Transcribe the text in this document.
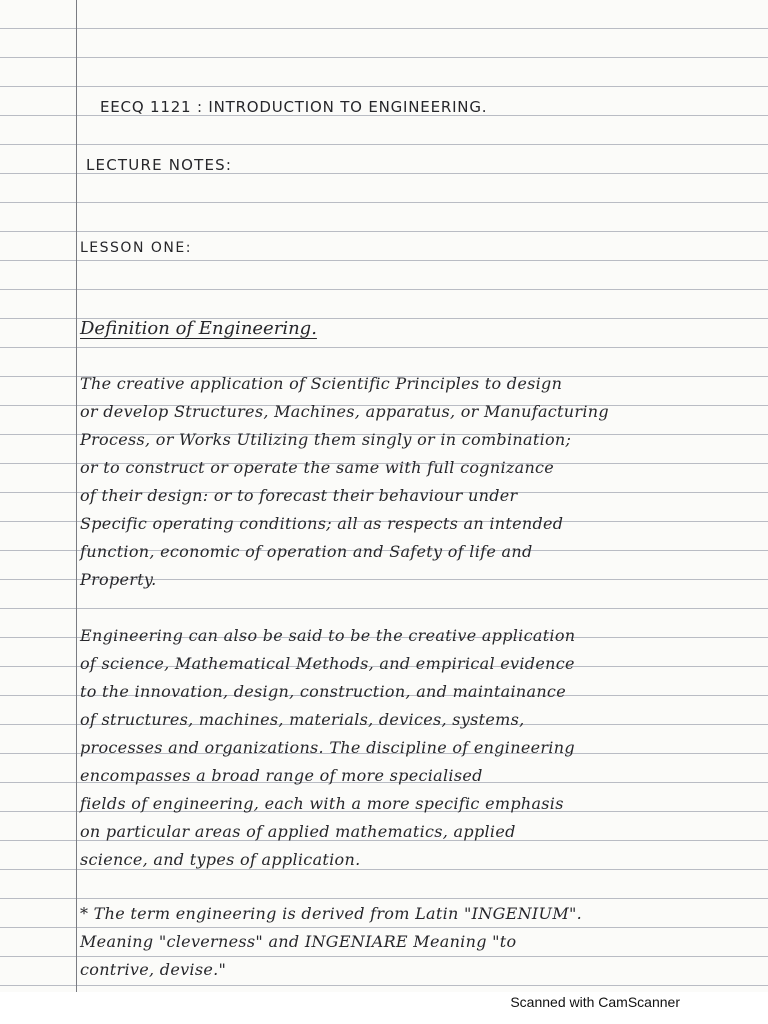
EECQ 1121 : INTRODUCTION TO ENGINEERING.

LECTURE NOTES:

LESSON ONE:

Definition of Engineering.

The creative application of Scientific Principles to design
or develop Structures, Machines, apparatus, or Manufacturing
Process, or Works Utilizing them singly or in combination;
or to construct or operate the same with full cognizance
of their design: or to forecast their behaviour under
Specific operating conditions; all as respects an intended
function, economic of operation and Safety of life and
Property.
Engineering can also be said to be the creative application
of science, Mathematical Methods, and empirical evidence
to the innovation, design, construction, and maintainance
of structures, machines, materials, devices, systems,
processes and organizations. The discipline of engineering
encompasses a broad range of more specialised
fields of engineering, each with a more specific emphasis
on particular areas of applied mathematics, applied
science, and types of application.
* The term engineering is derived from Latin "INGENIUM".
Meaning "cleverness" and INGENIARE Meaning "to
contrive, devise."
Scanned with CamScanner
